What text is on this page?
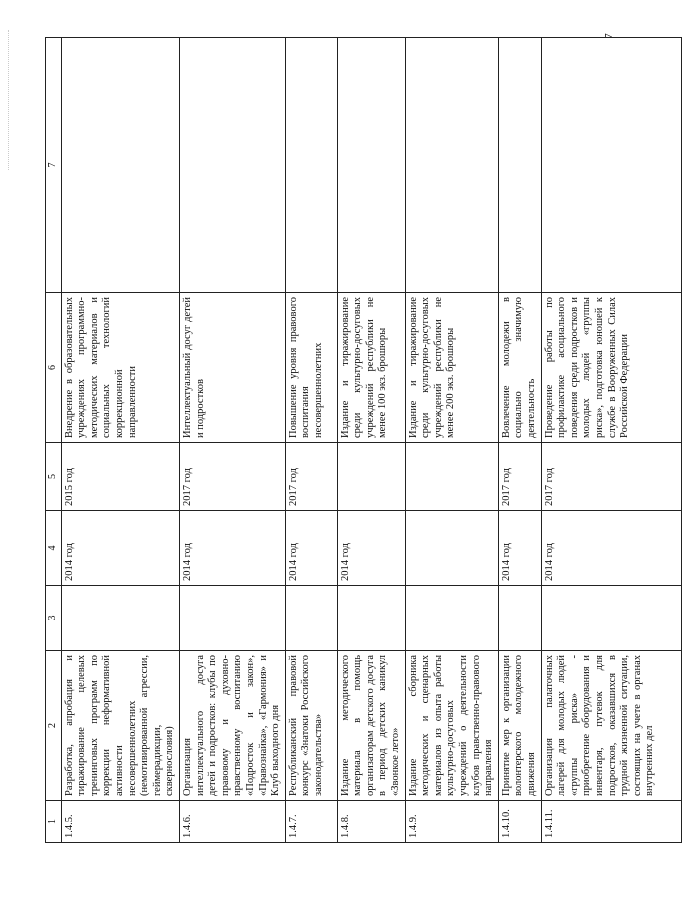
7
1	2	3	4	5	6	7
1.4.5.	Разработка, апробация и тиражирование целевых тренинговых программ по коррекции неформативной активности несовершеннолетних (немотивированной агрессии, геймерадикции, сквернословия)		2014 год	2015 год	Внедрение в образовательных учреждениях программно-методических материалов и социальных технологий коррекционной направленности	
1.4.6.	Организация интеллектуального досуга детей и подростков: клубы по правовому и духовно-нравственному воспитанию «Подросток и закон», «Правознайка», «Гармония» и Клуб выходного дня		2014 год	2017 год	Интеллектуальный досуг детей и подростков	
1.4.7.	Республиканский правовой конкурс «Знатоки Российского законодательства»		2014 год	2017 год	Повышение уровня правового воспитания несовершеннолетних	
1.4.8.	Издание методического материала в помощь организаторам детского досуга в период детских каникул «Звонкое лето»		2014 год		Издание и тиражирование среди культурно-досуговых учреждений республики не менее 100 экз. брошюры	
1.4.9.	Издание сборника методических и сценарных материалов из опыта работы культурно-досуговых учреждений о деятельности клубов правственно-правового направления				Издание и тиражирование среди культурно-досуговых учреждений республики не менее 200 экз. брошюры	
1.4.10.	Принятие мер к организации волонтерского молодежного движения		2014 год	2017 год	Вовлечение молодежи в социально значимую деятельность	
1.4.11.	Организация палаточных лагерей для молодых людей «группы риска» - приобретение оборудования и инвентаря, путевок для подростков, оказавшихся в трудной жизненной ситуации, состоящих на учете в органах внутренних дел		2014 год	2017 год	Проведение работы по профилактике асоциального поведения среди подростков и молодых людей «группы риска», подготовка юношей к службе в Вооруженных Силах Российской Федерации	
